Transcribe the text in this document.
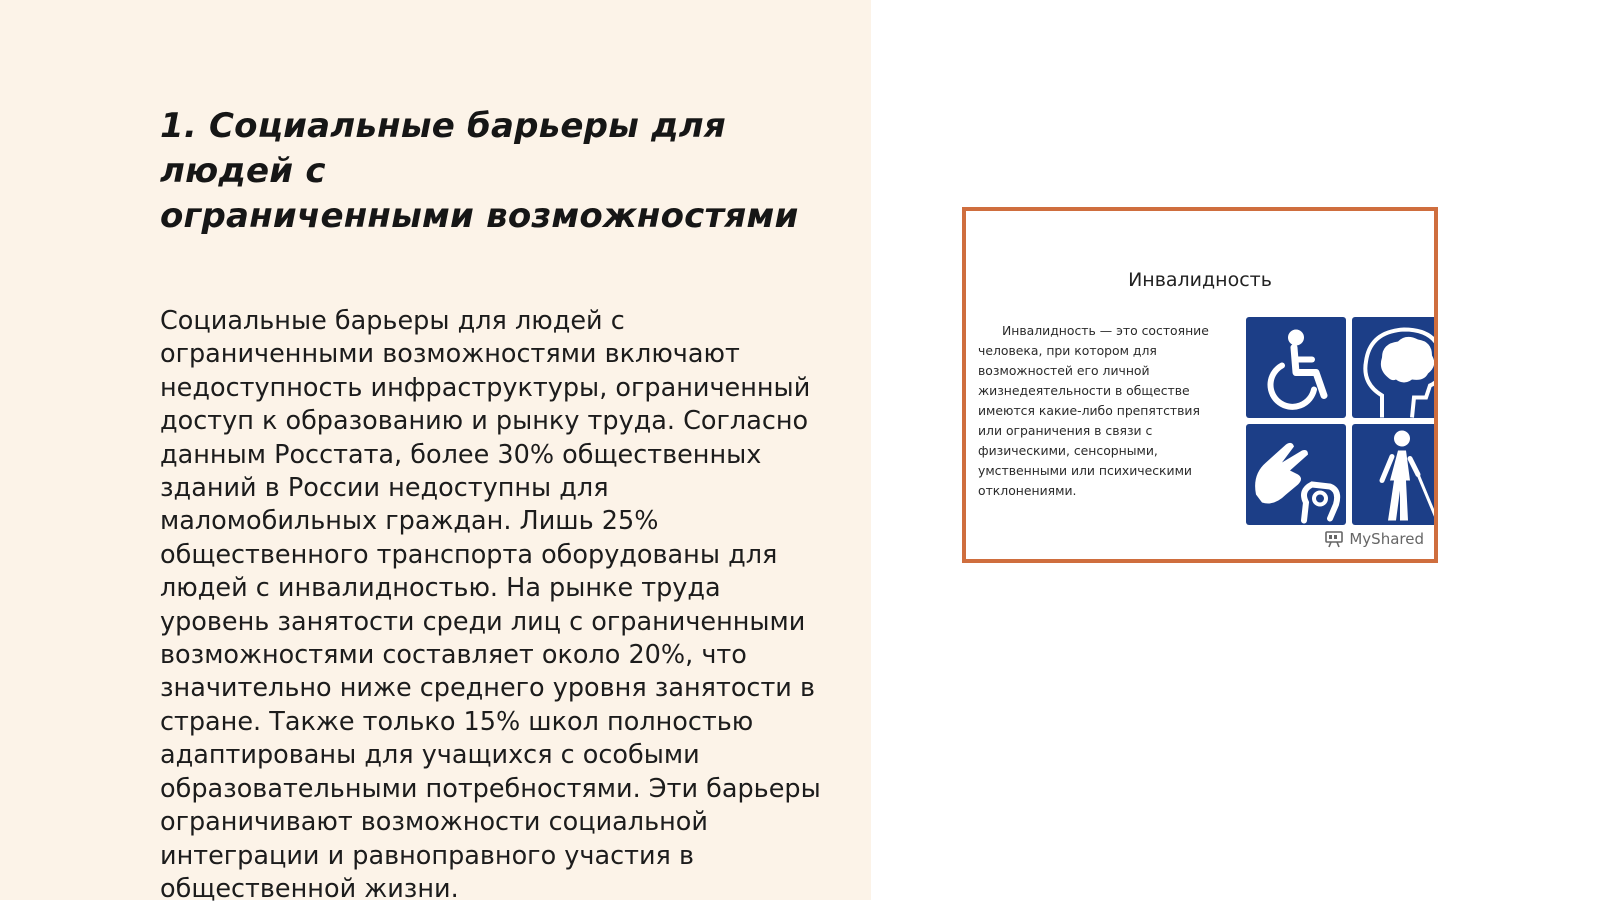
1. Социальные барьеры для людей с
ограниченными возможностями
Социальные барьеры для людей с
ограниченными возможностями включают
недоступность инфраструктуры, ограниченный
доступ к образованию и рынку труда. Согласно
данным Росстата, более 30% общественных
зданий в России недоступны для
маломобильных граждан. Лишь 25%
общественного транспорта оборудованы для
людей с инвалидностью. На рынке труда
уровень занятости среди лиц с ограниченными
возможностями составляет около 20%, что
значительно ниже среднего уровня занятости в
стране. Также только 15% школ полностью
адаптированы для учащихся с особыми
образовательными потребностями. Эти барьеры
ограничивают возможности социальной
интеграции и равноправного участия в
общественной жизни.
Инвалидность
Инвалидность — это состояние
человека, при котором для
возможностей его личной
жизнедеятельности в обществе
имеются какие-либо препятствия
или ограничения в связи с
физическими, сенсорными,
умственными или психическими
отклонениями.
MyShared
